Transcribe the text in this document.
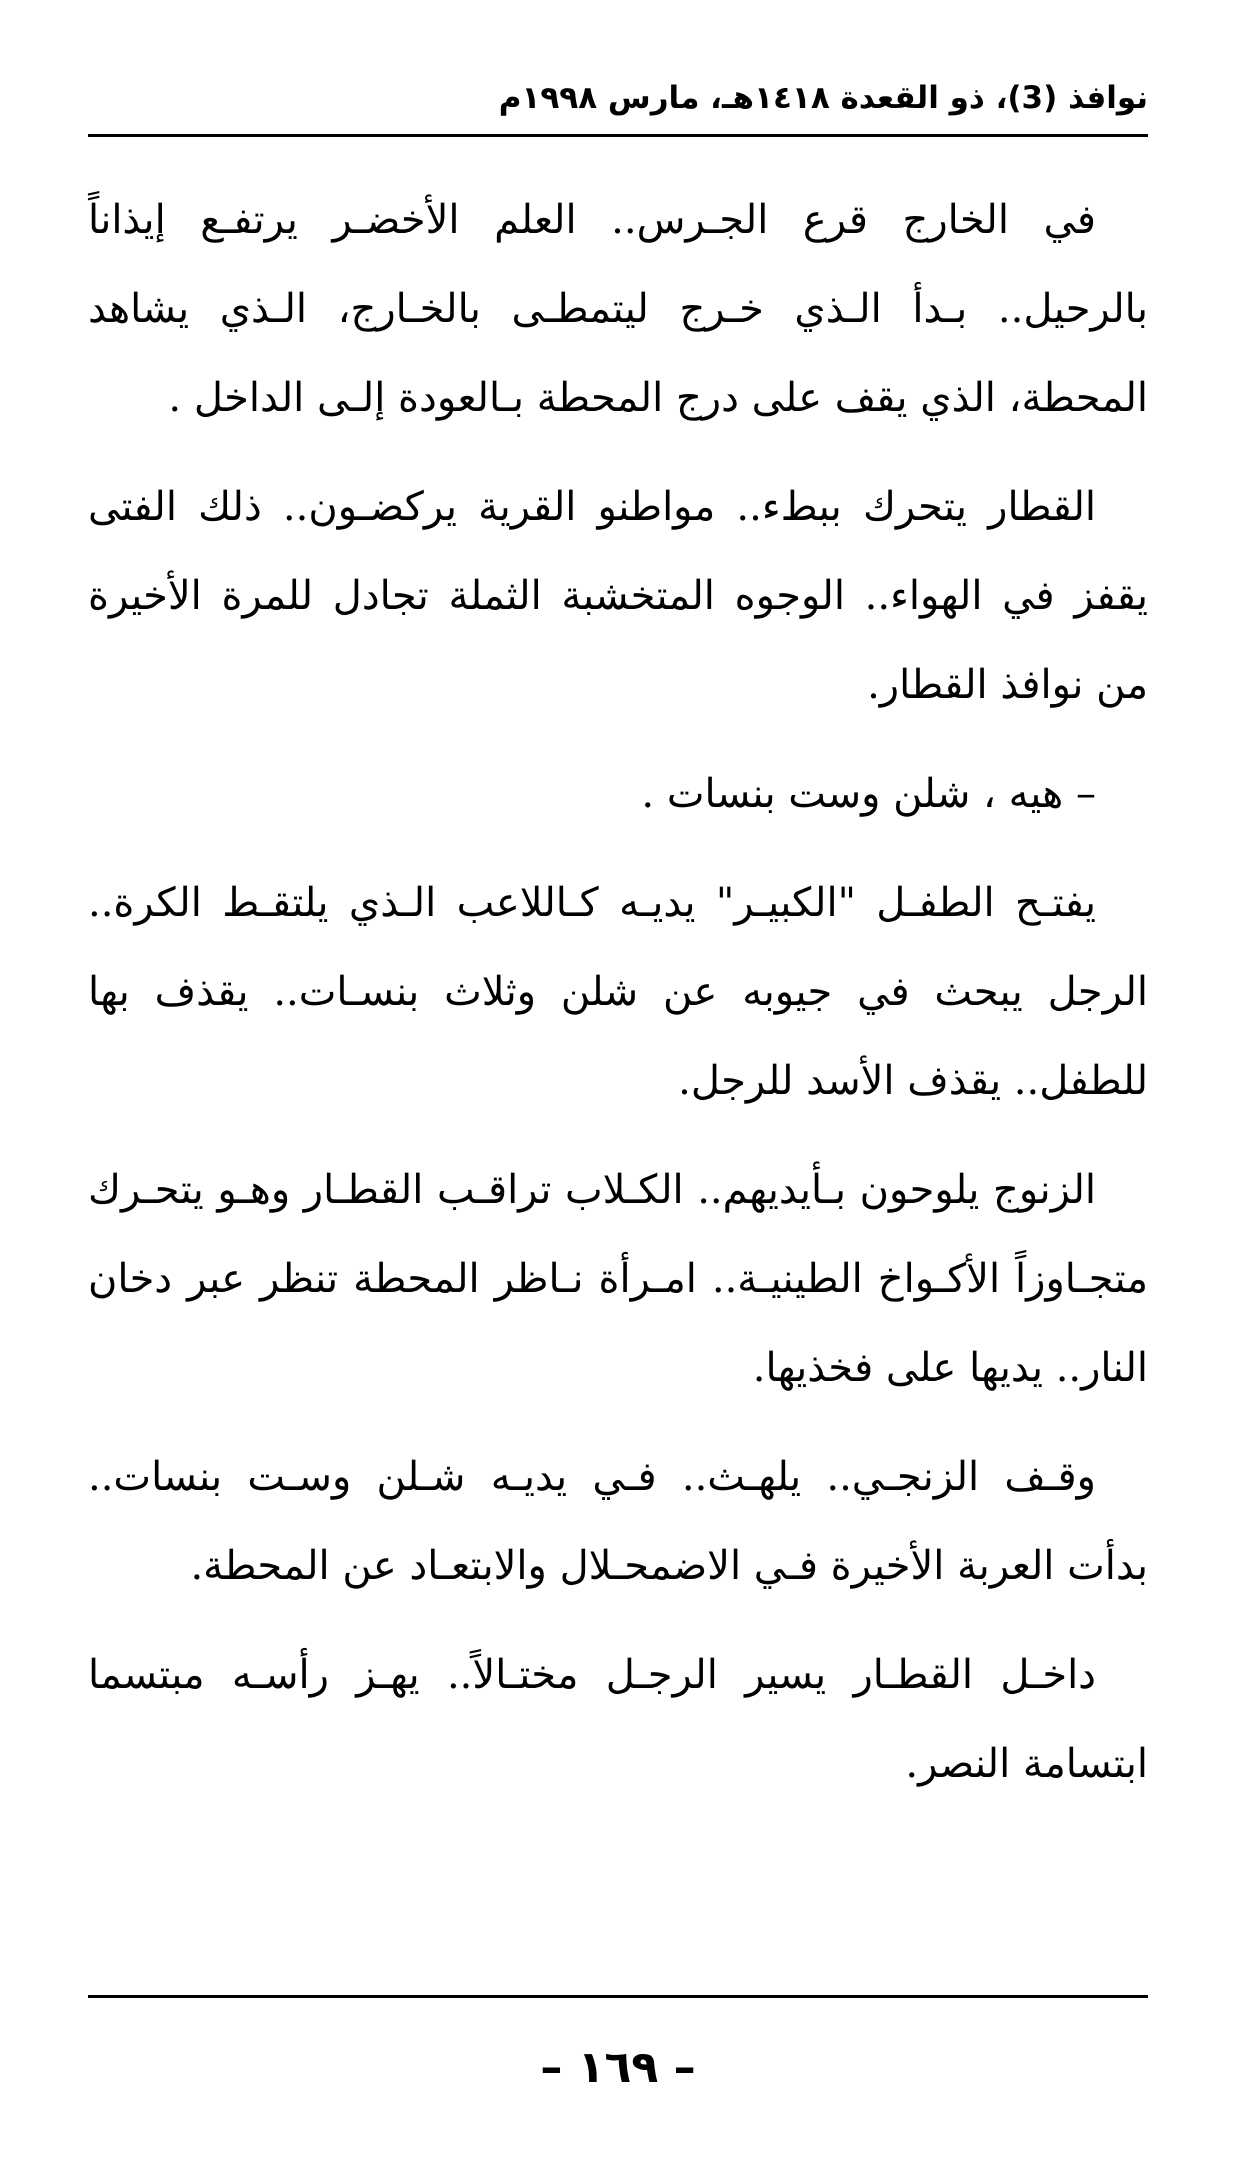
نوافذ (3)، ذو القعدة ١٤١٨هـ، مارس ١٩٩٨م

في الخارج قرع الجـرس.. العلم الأخضـر يرتفـع إيذاناً بالرحيل.. بـدأ الـذي خـرج ليتمطـى بالخـارج، الـذي يشاهد المحطة، الذي يقف على درج المحطة بـالعودة إلـى الداخل .

القطار يتحرك ببطء.. مواطنو القرية يركضـون.. ذلك الفتى يقفز في الهواء.. الوجوه المتخشبة الثملة تجادل للمرة الأخيرة من نوافذ القطار.

– هيه ، شلن وست بنسات .

يفتـح الطفـل "الكبيـر" يديـه كـاللاعب الـذي يلتقـط الكرة.. الرجل يبحث في جيوبه عن شلن وثلاث بنسـات.. يقذف بها للطفل.. يقذف الأسد للرجل.

الزنوج يلوحون بـأيديهم.. الكـلاب تراقـب القطـار وهـو يتحـرك متجـاوزاً الأكـواخ الطينيـة.. امـرأة نـاظر المحطة تنظر عبر دخان النار.. يديها على فخذيها.

وقـف الزنجـي.. يلهـث.. فـي يديـه شـلن وسـت بنسات.. بدأت العربة الأخيرة فـي الاضمحـلال والابتعـاد عن المحطة.

داخـل القطـار يسير الرجـل مختـالاً.. يهـز رأسـه مبتسما ابتسامة النصر.

– ١٦٩ –
